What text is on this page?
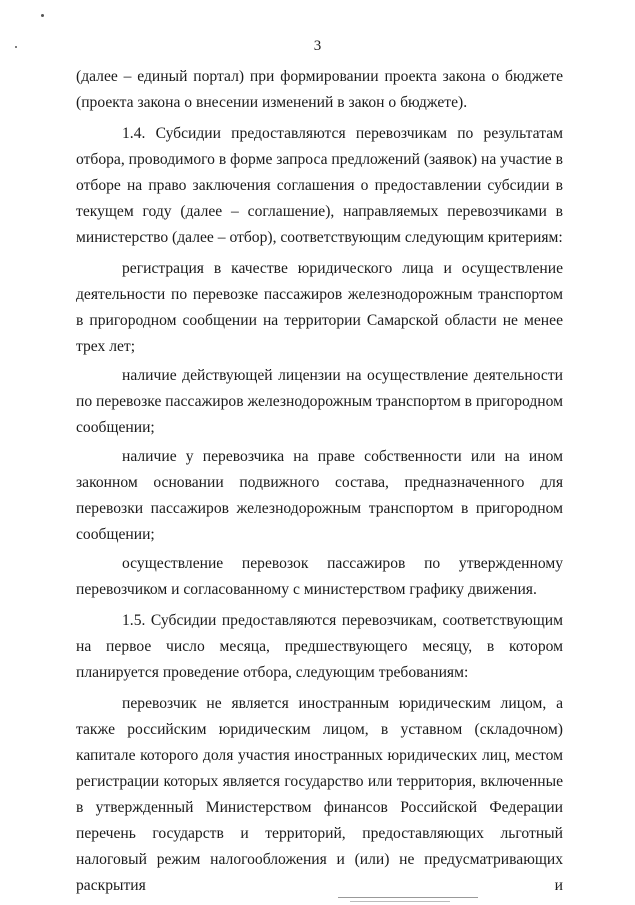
3

(далее – единый портал) при формировании проекта закона о бюджете (проекта закона о внесении изменений в закон о бюджете).

1.4. Субсидии предоставляются перевозчикам по результатам отбора, проводимого в форме запроса предложений (заявок) на участие в отборе на право заключения соглашения о предоставлении субсидии в текущем году (далее – соглашение), направляемых перевозчиками в министерство (далее – отбор), соответствующим следующим критериям:

регистрация в качестве юридического лица и осуществление деятельности по перевозке пассажиров железнодорожным транспортом в пригородном сообщении на территории Самарской области не менее трех лет;

наличие действующей лицензии на осуществление деятельности по перевозке пассажиров железнодорожным транспортом в пригородном сообщении;

наличие у перевозчика на праве собственности или на ином законном основании подвижного состава, предназначенного для перевозки пассажиров железнодорожным транспортом в пригородном сообщении;

осуществление перевозок пассажиров по утвержденному перевозчиком и согласованному с министерством графику движения.

1.5. Субсидии предоставляются перевозчикам, соответствующим на первое число месяца, предшествующего месяцу, в котором планируется проведение отбора, следующим требованиям:

перевозчик не является иностранным юридическим лицом, а также российским юридическим лицом, в уставном (складочном) капитале которого доля участия иностранных юридических лиц, местом регистрации которых является государство или территория, включенные в утвержденный Министерством финансов Российской Федерации перечень государств и территорий, предоставляющих льготный налоговый режим налогообложения и (или) не предусматривающих раскрытия и
